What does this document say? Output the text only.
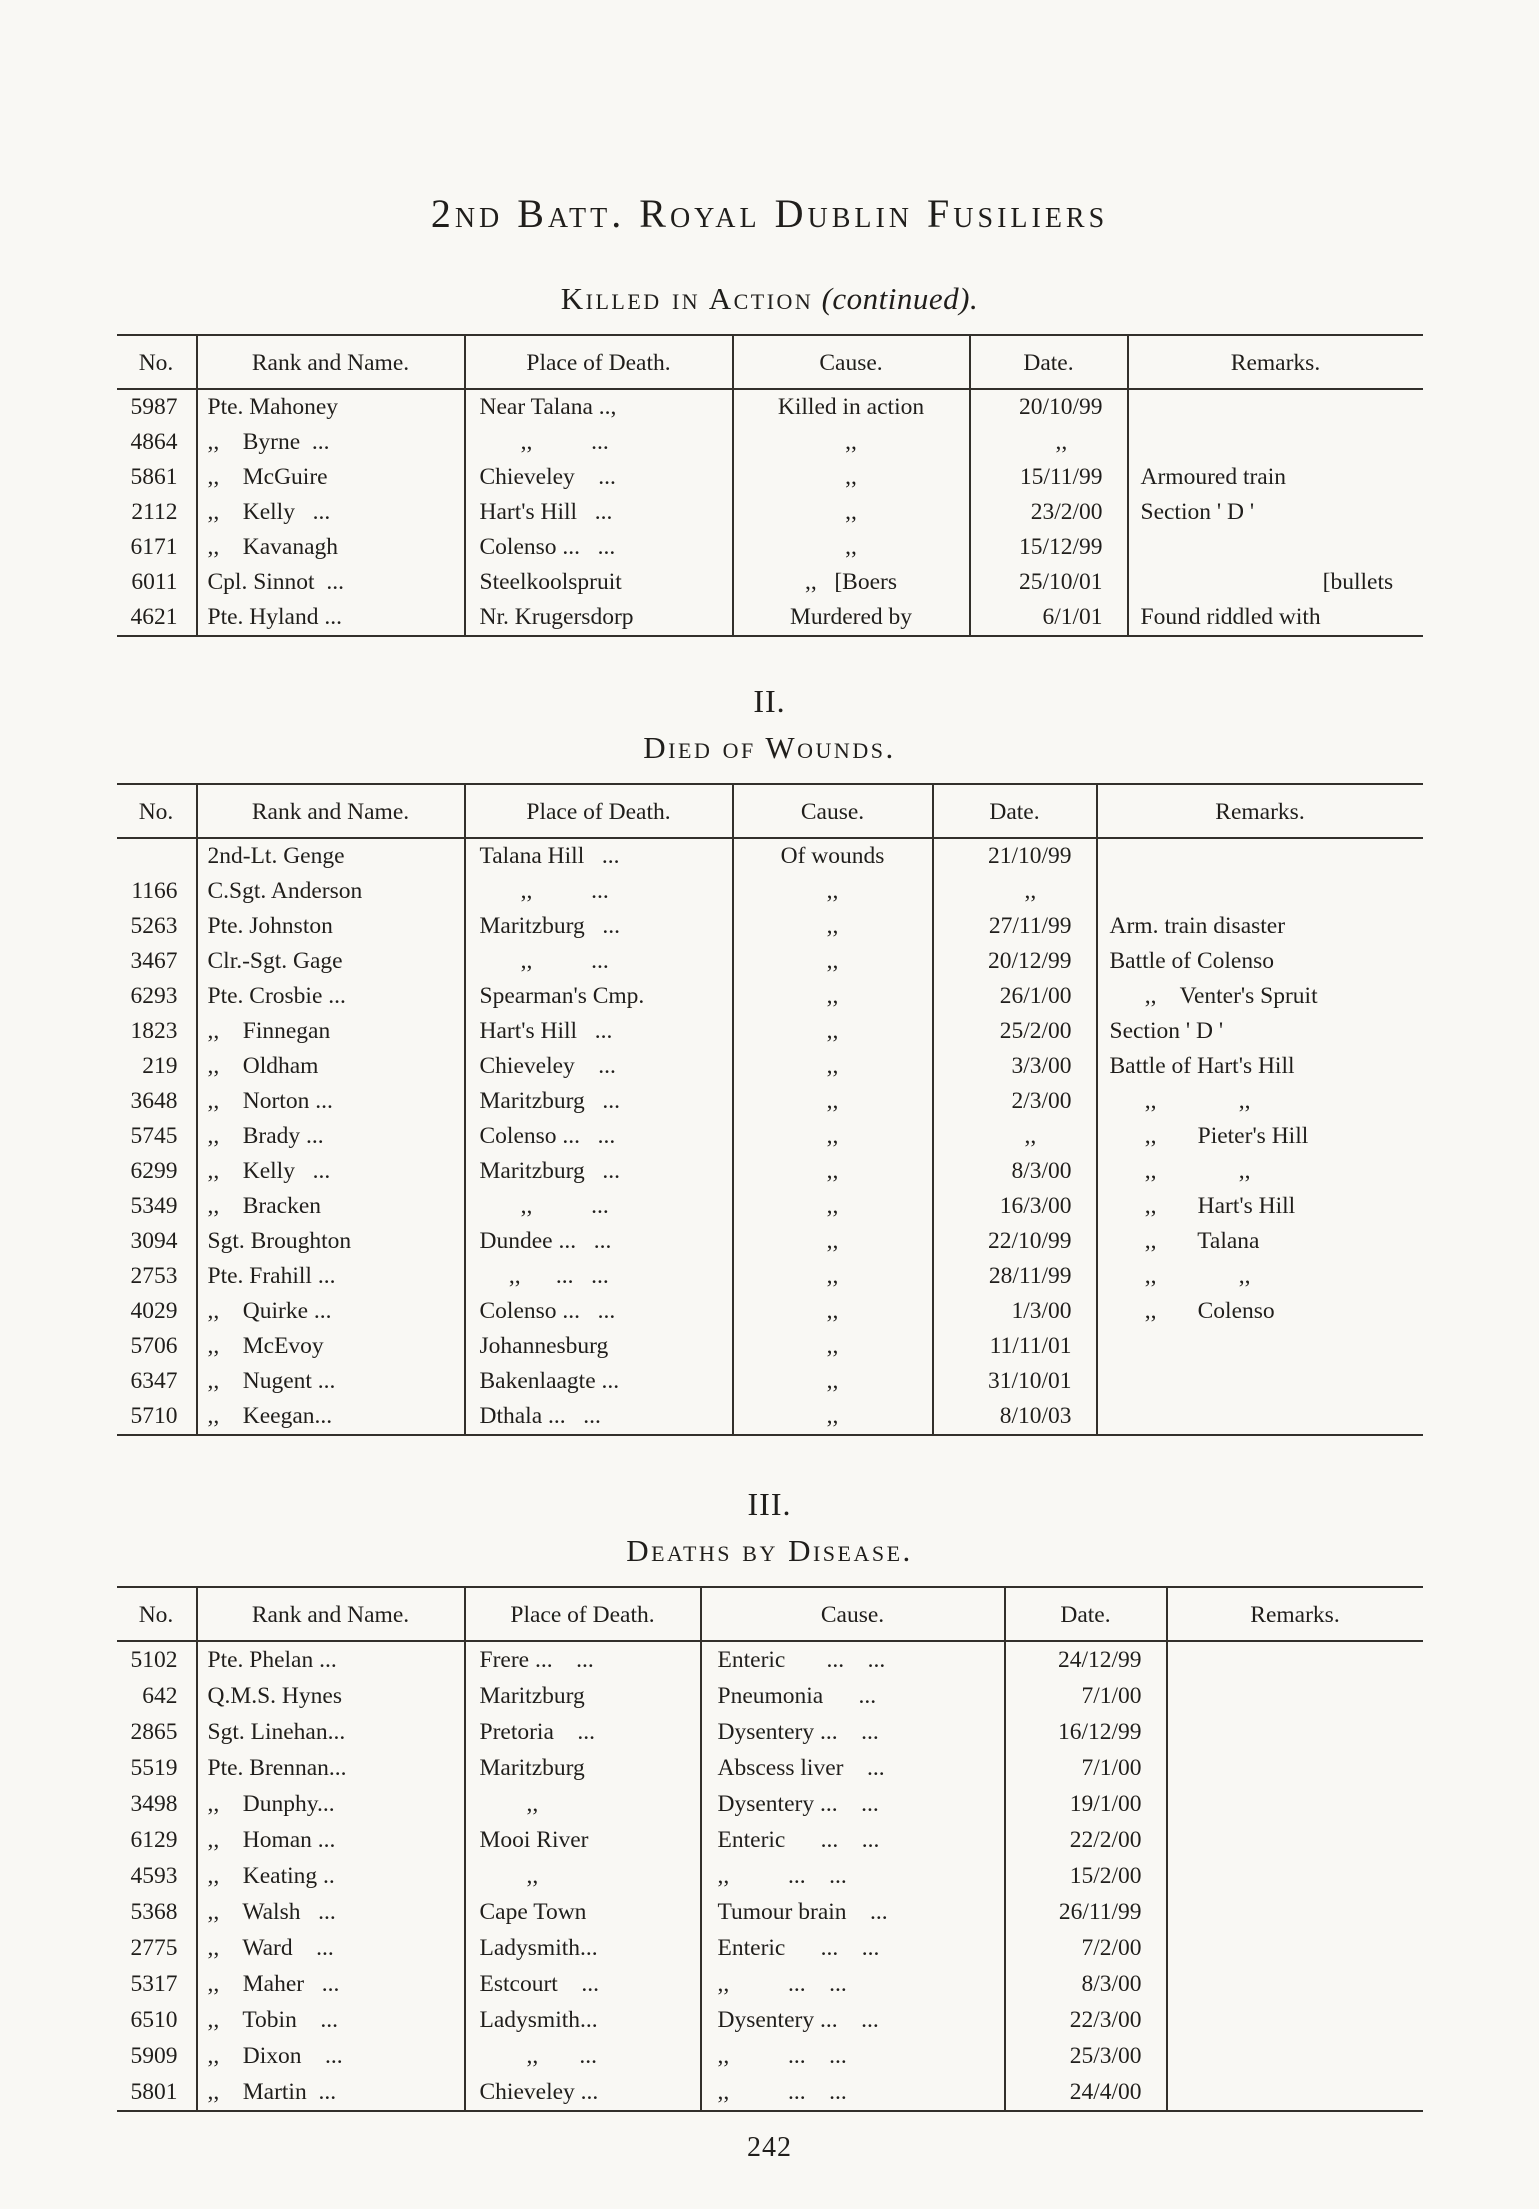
2nd Batt. Royal Dublin Fusiliers
Killed in Action (continued).
No.	Rank and Name.	Place of Death.	Cause.	Date.	Remarks.
5987	Pte. Mahoney	Near Talana ..,	Killed in action	20/10/99	
4864	,,    Byrne  ...	,,          ...	,,	,,	
5861	,,    McGuire	Chieveley    ...	,,	15/11/99	Armoured train
2112	,,    Kelly   ...	Hart's Hill   ...	,,	23/2/00	Section ' D '
6171	,,    Kavanagh	Colenso ...   ...	,,	15/12/99	
6011	Cpl. Sinnot  ...	Steelkoolspruit	,,   [Boers	25/10/01	[bullets
4621	Pte. Hyland ...	Nr. Krugersdorp	Murdered by	6/1/01	Found riddled with
II.
Died of Wounds.
No.	Rank and Name.	Place of Death.	Cause.	Date.	Remarks.
	2nd-Lt. Genge	Talana Hill   ...	Of wounds	21/10/99	
1166	C.Sgt. Anderson	,,          ...	,,	,,	
5263	Pte. Johnston	Maritzburg   ...	,,	27/11/99	Arm. train disaster
3467	Clr.-Sgt. Gage	,,          ...	,,	20/12/99	Battle of Colenso
6293	Pte. Crosbie ...	Spearman's Cmp.	,,	26/1/00	,,    Venter's Spruit
1823	,,    Finnegan	Hart's Hill   ...	,,	25/2/00	Section ' D '
219	,,    Oldham	Chieveley    ...	,,	3/3/00	Battle of Hart's Hill
3648	,,    Norton ...	Maritzburg   ...	,,	2/3/00	,,              ,,
5745	,,    Brady ...	Colenso ...   ...	,,	,,	,,       Pieter's Hill
6299	,,    Kelly   ...	Maritzburg   ...	,,	8/3/00	,,              ,,
5349	,,    Bracken	,,          ...	,,	16/3/00	,,       Hart's Hill
3094	Sgt. Broughton	Dundee ...   ...	,,	22/10/99	,,       Talana
2753	Pte. Frahill ...	,,      ...   ...	,,	28/11/99	,,              ,,
4029	,,    Quirke ...	Colenso ...   ...	,,	1/3/00	,,       Colenso
5706	,,    McEvoy	Johannesburg	,,	11/11/01	
6347	,,    Nugent ...	Bakenlaagte ...	,,	31/10/01	
5710	,,    Keegan...	Dthala ...   ...	,,	8/10/03	
III.
Deaths by Disease.
No.	Rank and Name.	Place of Death.	Cause.	Date.	Remarks.
5102	Pte. Phelan ...	Frere ...    ...	Enteric       ...    ...	24/12/99	
642	Q.M.S. Hynes	Maritzburg	Pneumonia      ...	7/1/00	
2865	Sgt. Linehan...	Pretoria    ...	Dysentery ...    ...	16/12/99	
5519	Pte. Brennan...	Maritzburg	Abscess liver    ...	7/1/00	
3498	,,    Dunphy...	,,	Dysentery ...    ...	19/1/00	
6129	,,    Homan ...	Mooi River	Enteric      ...    ...	22/2/00	
4593	,,    Keating ..	,,	,,          ...    ...	15/2/00	
5368	,,    Walsh   ...	Cape Town	Tumour brain    ...	26/11/99	
2775	,,    Ward    ...	Ladysmith...	Enteric      ...    ...	7/2/00	
5317	,,    Maher   ...	Estcourt    ...	,,          ...    ...	8/3/00	
6510	,,    Tobin    ...	Ladysmith...	Dysentery ...    ...	22/3/00	
5909	,,    Dixon    ...	,,       ...	,,          ...    ...	25/3/00	
5801	,,    Martin  ...	Chieveley ...	,,          ...    ...	24/4/00	
242
